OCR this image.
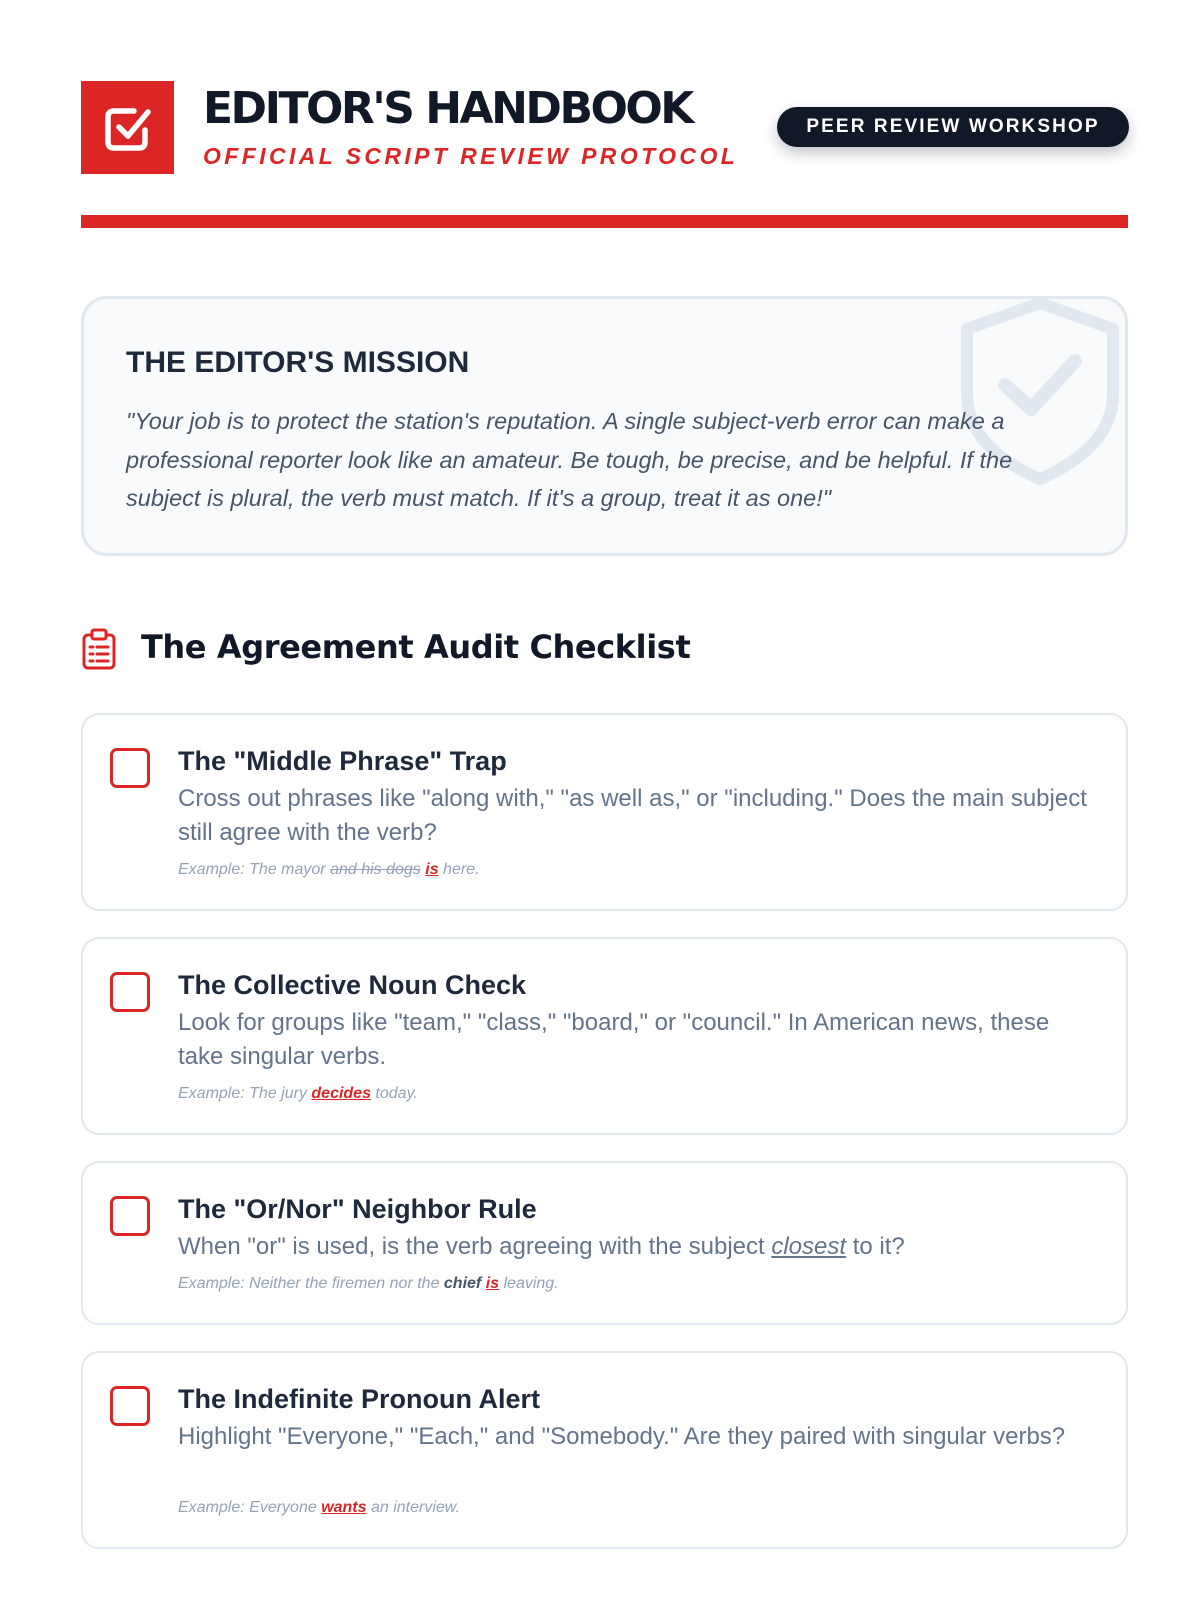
EDITOR'S HANDBOOK
OFFICIAL SCRIPT REVIEW PROTOCOL
PEER REVIEW WORKSHOP
THE EDITOR'S MISSION
"Your job is to protect the station's reputation. A single subject-verb error can make a professional reporter look like an amateur. Be tough, be precise, and be helpful. If the subject is plural, the verb must match. If it's a group, treat it as one!"
The Agreement Audit Checklist
The "Middle Phrase" Trap
Cross out phrases like "along with," "as well as," or "including." Does the main subject still agree with the verb?
Example: The mayor and his dogs is here.
The Collective Noun Check
Look for groups like "team," "class," "board," or "council." In American news, these take singular verbs.
Example: The jury decides today.
The "Or/Nor" Neighbor Rule
When "or" is used, is the verb agreeing with the subject closest to it?
Example: Neither the firemen nor the chief is leaving.
The Indefinite Pronoun Alert
Highlight "Everyone," "Each," and "Somebody." Are they paired with singular verbs?
Example: Everyone wants an interview.
